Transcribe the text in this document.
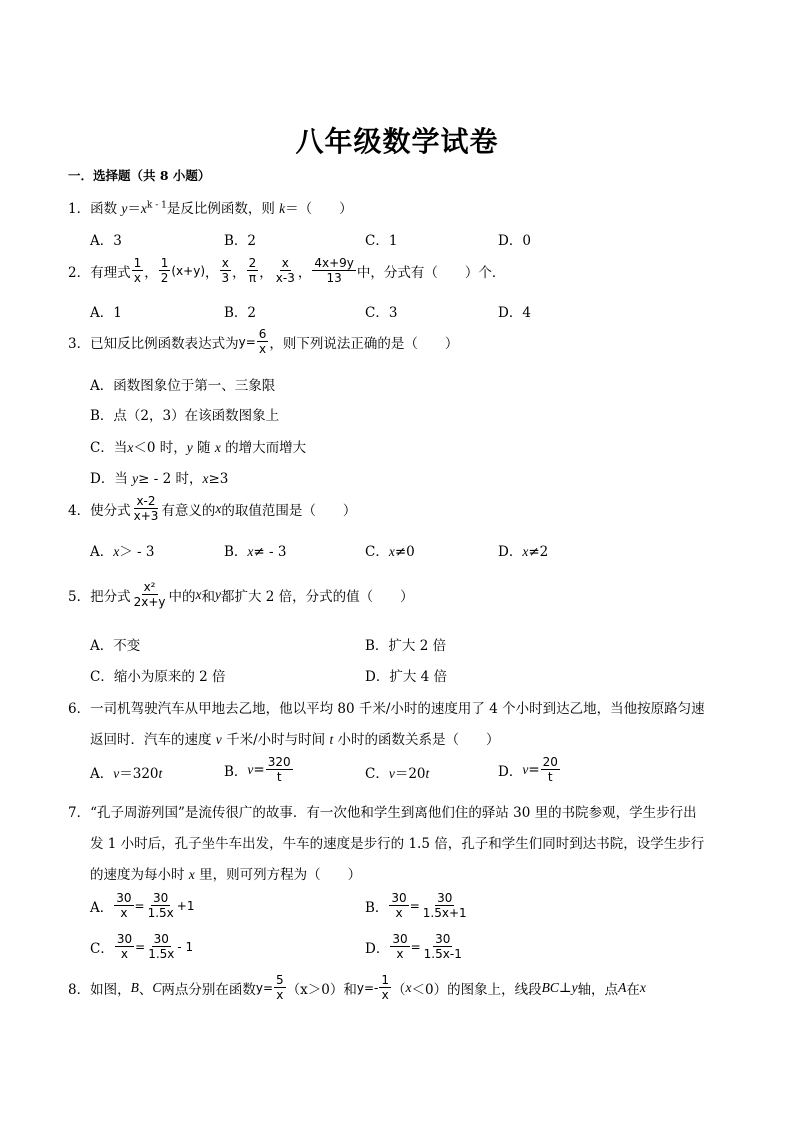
八年级数学试卷
一．选择题（共 8 小题）
1．函数 $y=x^{k - 1}$是反比例函数，则 k＝（　　）
A．3	B．2	C．1	D．0
2．有理式 $\frac{1}{x}$ ， $\frac{1}{2} (x+y)$ ， $\frac{x}{3}$ ， $\frac{2}{\pi}$ ， $\frac{x}{x-3}$ ， $\frac{4x+9y}{13}$ 中，分式有（　　）个．
A．1	B．2	C．3	D．4
3．已知反比例函数表达式为 $y= \frac{6}{x}$ ，则下列说法正确的是（　　）
A．函数图象位于第一、三象限
B．点（2，3）在该函数图象上
C．当x＜0 时，y 随 x 的增大而增大
D．当 y≥ - 2 时，x≥3
4．使分式 $\frac{x-2}{x+3}$ 有意义的 x 的取值范围是（　　）
A．x＞ - 3	B．x≠ - 3	C．x≠0	D．x≠2
5．把分式 $\frac{\text{x²}}{2x+y}$ 中的 x 和 y 都扩大 2 倍，分式的值（　　）
A．不变	B．扩大 2 倍
C．缩小为原来的 2 倍	D．扩大 4 倍
6．一司机驾驶汽车从甲地去乙地，他以平均 80 千米/小时的速度用了 4 个小时到达乙地，当他按原路匀速
返回时．汽车的速度 v 千米/小时与时间 t 小时的函数关系是（　　）
A．v＝320t	B． $v = \frac{320}{t}$	C．v＝20t	D． $v = \frac{20}{t}$
7．“孔子周游列国”是流传很广的故事．有一次他和学生到离他们住的驿站 30 里的书院参观，学生步行出
发 1 小时后，孔子坐牛车出发，牛车的速度是步行的 1.5 倍，孔子和学生们同时到达书院，设学生步行
的速度为每小时 x 里，则可列方程为（　　）
A． $\frac{30}{x} = \frac{30}{1.5x} +1$	B． $\frac{30}{x} = \frac{30}{1.5x+1}$
C． $\frac{30}{x} = \frac{30}{1.5x} - 1$	D． $\frac{30}{x} = \frac{30}{1.5x-1}$
8．如图， B 、 C 两点分别在函数 $y= \frac{5}{x} (x>0)$和 $y=- \frac{1}{x}$ （ x ＜0）的图象上，线段 BC ⊥ y 轴，点 A 在 x
